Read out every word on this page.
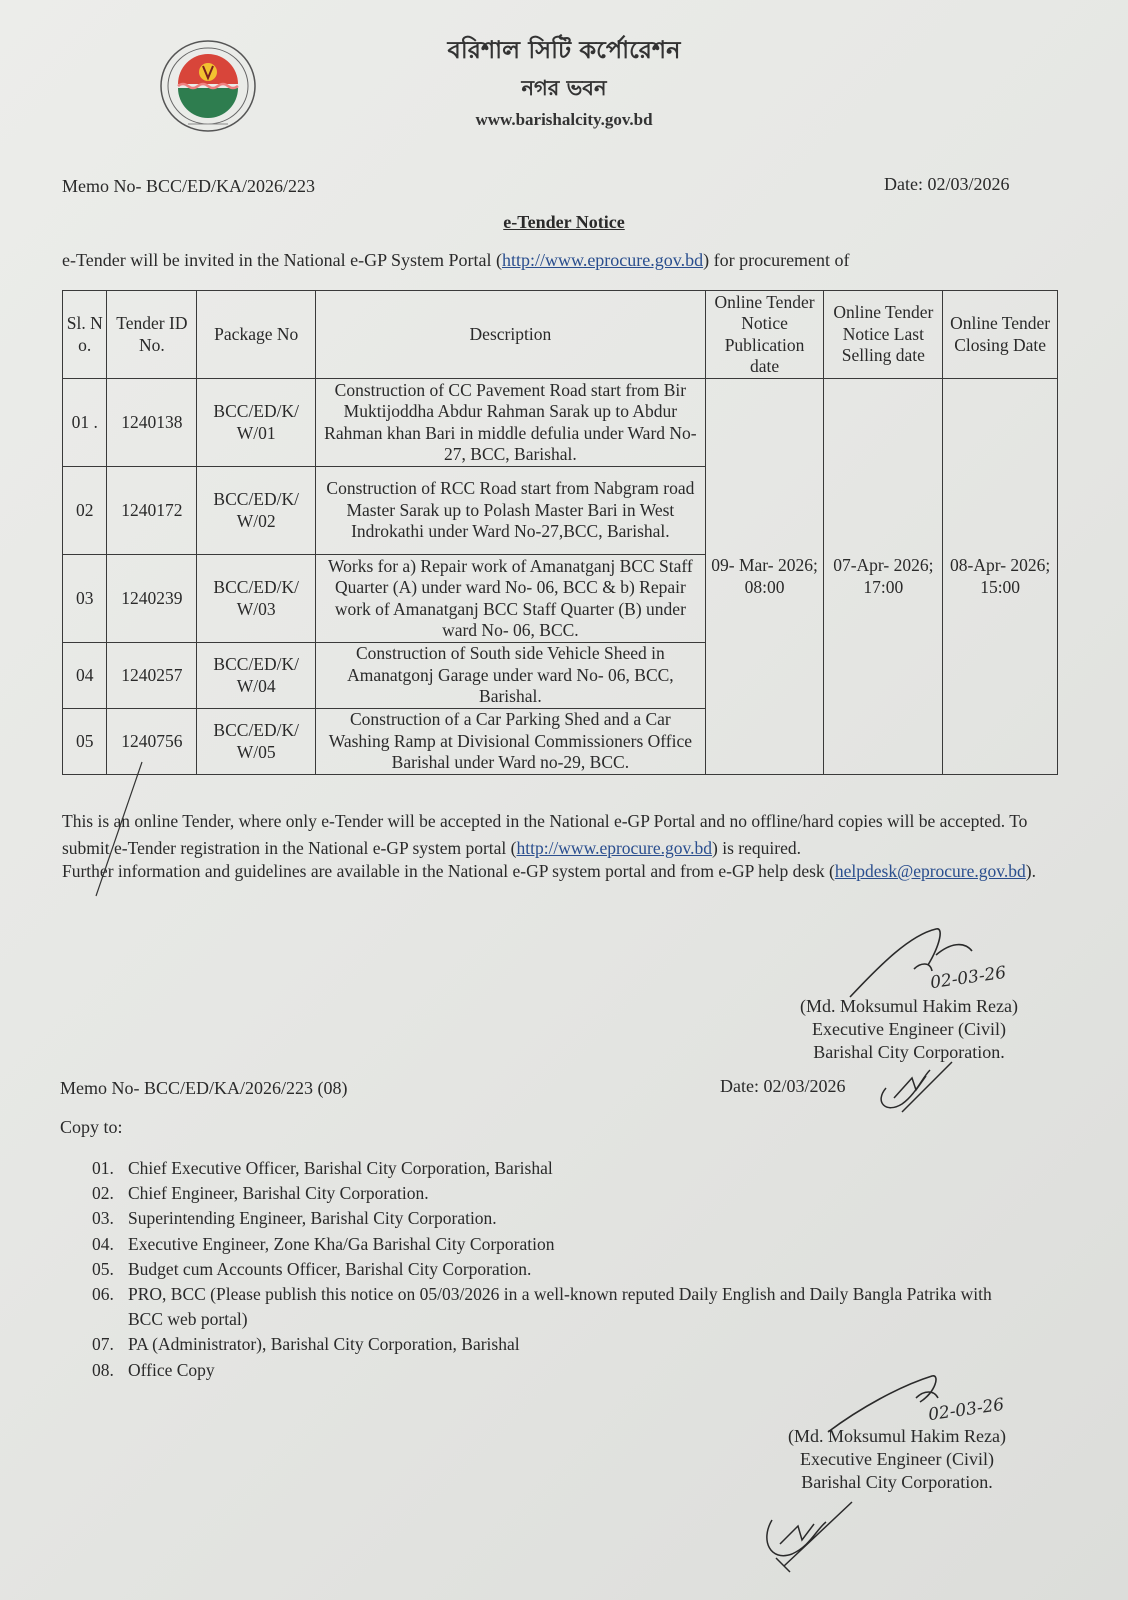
বরিশাল সিটি কর্পোরেশন
নগর ভবন
www.barishalcity.gov.bd
Memo No- BCC/ED/KA/2026/223	Date: 02/03/2026
e-Tender Notice
e-Tender will be invited in the National e-GP System Portal (http://www.eprocure.gov.bd) for procurement of
Sl. N o.	Tender ID No.	Package No	Description	Online Tender Notice Publication date	Online Tender Notice Last Selling date	Online Tender Closing Date
01 .	1240138	BCC/ED/K/ W/01	Construction of CC Pavement Road start from Bir Muktijoddha Abdur Rahman Sarak up to Abdur Rahman khan Bari in middle defulia under Ward No-27, BCC, Barishal.	09- Mar- 2026; 08:00	07-Apr- 2026; 17:00	08-Apr- 2026; 15:00
02	1240172	BCC/ED/K/ W/02	Construction of RCC Road start from Nabgram road Master Sarak up to Polash Master Bari in West Indrokathi under Ward No-27,BCC, Barishal.			
03	1240239	BCC/ED/K/ W/03	Works for a) Repair work of Amanatganj BCC Staff Quarter (A) under ward No- 06, BCC & b) Repair work of Amanatganj BCC Staff Quarter (B) under ward No- 06, BCC.			
04	1240257	BCC/ED/K/ W/04	Construction of South side Vehicle Sheed in Amanatgonj Garage under ward No- 06, BCC, Barishal.			
05	1240756	BCC/ED/K/ W/05	Construction of a Car Parking Shed and a Car Washing Ramp at Divisional Commissioners Office Barishal under Ward no-29, BCC.			
This is an online Tender, where only e-Tender will be accepted in the National e-GP Portal and no offline/hard copies will be accepted. To submit e-Tender registration in the National e-GP system portal (http://www.eprocure.gov.bd) is required.
Further information and guidelines are available in the National e-GP system portal and from e-GP help desk (helpdesk@eprocure.gov.bd).
02-03-26
(Md. Moksumul Hakim Reza)
Executive Engineer (Civil)
Barishal City Corporation.
Memo No- BCC/ED/KA/2026/223 (08)	Date: 02/03/2026
Copy to:
01. Chief Executive Officer, Barishal City Corporation, Barishal
02. Chief Engineer, Barishal City Corporation.
03. Superintending Engineer, Barishal City Corporation.
04. Executive Engineer, Zone Kha/Ga Barishal City Corporation
05. Budget cum Accounts Officer, Barishal City Corporation.
06. PRO, BCC (Please publish this notice on 05/03/2026 in a well-known reputed Daily English and Daily Bangla Patrika with BCC web portal)
07. PA (Administrator), Barishal City Corporation, Barishal
08. Office Copy
02-03-26
(Md. Moksumul Hakim Reza)
Executive Engineer (Civil)
Barishal City Corporation.
